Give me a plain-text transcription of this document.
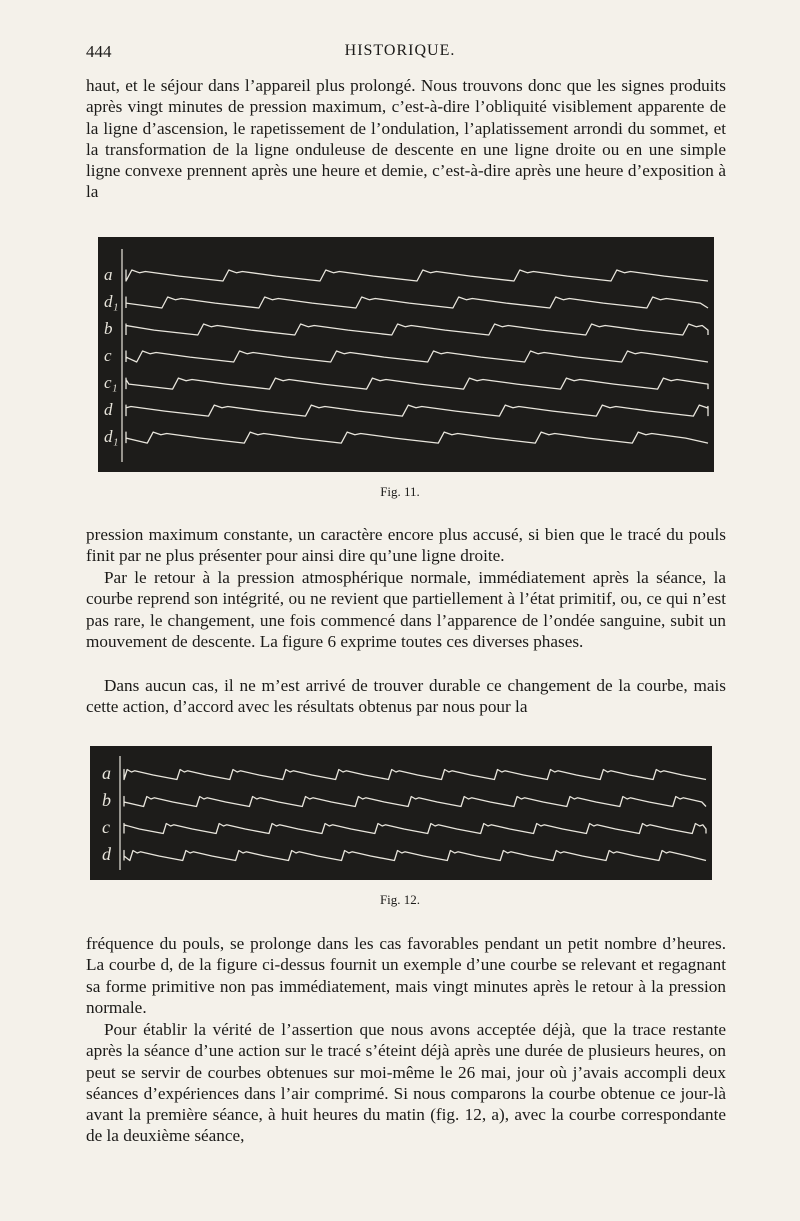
444	HISTORIQUE.

haut, et le séjour dans l’appareil plus prolongé. Nous trouvons donc que les signes produits après vingt minutes de pression maximum, c’est-à-dire l’obliquité visiblement apparente de la ligne d’ascension, le rapetissement de l’ondulation, l’aplatissement arrondi du sommet, et la transformation de la ligne onduleuse de descente en une ligne droite ou en une simple ligne convexe prennent après une heure et demie, c’est-à-dire après une heure d’exposition à la

a
d₁
b
c
c₁
d
d₁
Fig. 11.

pression maximum constante, un caractère encore plus accusé, si bien que le tracé du pouls finit par ne plus présenter pour ainsi dire qu’une ligne droite.

Par le retour à la pression atmosphérique normale, immédiatement après la séance, la courbe reprend son intégrité, ou ne revient que partiellement à l’état primitif, ou, ce qui n’est pas rare, le changement, une fois commencé dans l’apparence de l’ondée sanguine, subit un mouvement de descente. La figure 6 exprime toutes ces diverses phases.

Dans aucun cas, il ne m’est arrivé de trouver durable ce changement de la courbe, mais cette action, d’accord avec les résultats obtenus par nous pour la

a
b
c
d
Fig. 12.

fréquence du pouls, se prolonge dans les cas favorables pendant un petit nombre d’heures. La courbe d, de la figure ci-dessus fournit un exemple d’une courbe se relevant et regagnant sa forme primitive non pas immédiatement, mais vingt minutes après le retour à la pression normale.

Pour établir la vérité de l’assertion que nous avons acceptée déjà, que la trace restante après la séance d’une action sur le tracé s’éteint déjà après une durée de plusieurs heures, on peut se servir de courbes obtenues sur moi-même le 26 mai, jour où j’avais accompli deux séances d’expériences dans l’air comprimé. Si nous comparons la courbe obtenue ce jour-là avant la première séance, à huit heures du matin (fig. 12, a), avec la courbe correspondante de la deuxième séance,
